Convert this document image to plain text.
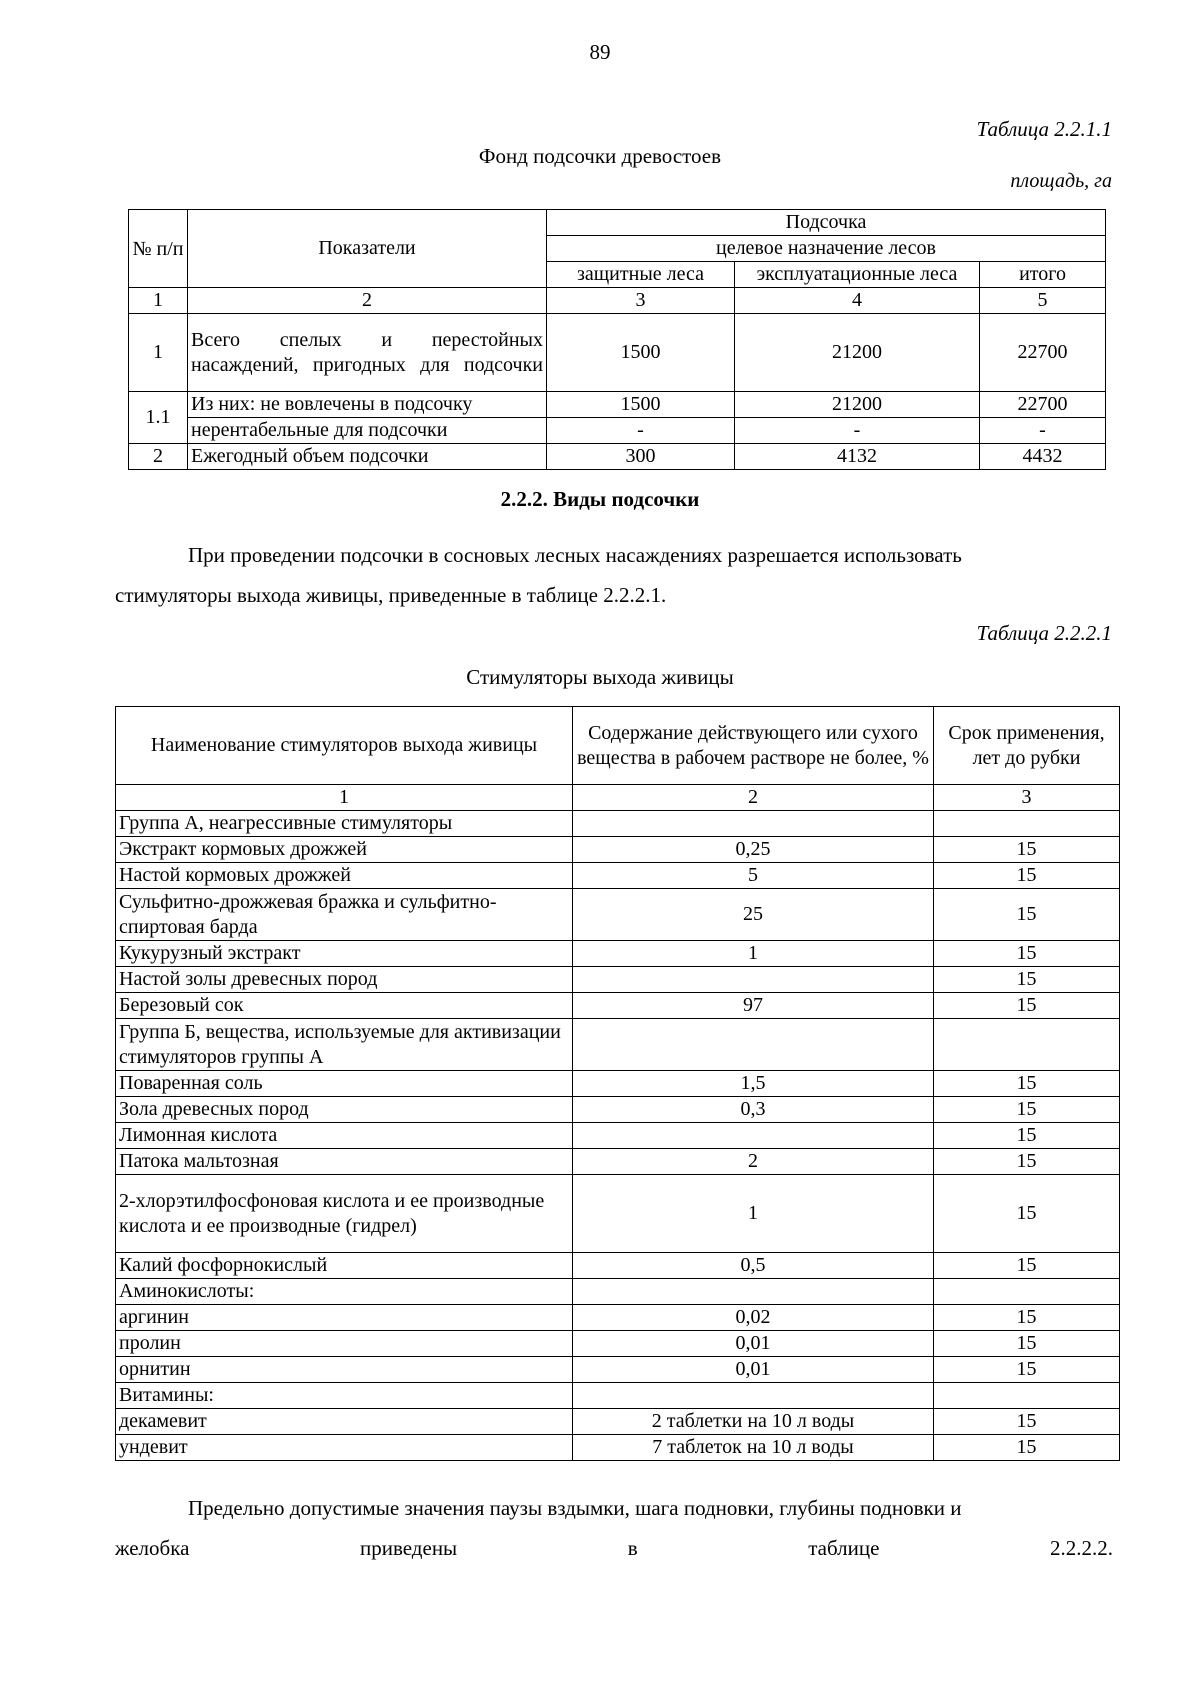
89
Таблица 2.2.1.1
Фонд подсочки древостоев
площадь, га
№ п/п	Показатели	Подсочка		
		целевое назначение лесов		
		защитные леса	эксплуатационные леса	итого
1	2	3	4	5
1	Всего спелых и перестойных насаждений, пригодных для подсочки	1500	21200	22700
1.1	Из них: не вовлечены в подсочку	1500	21200	22700
	нерентабельные для подсочки	-	-	-
2	Ежегодный объем подсочки	300	4132	4432
2.2.2. Виды подсочки
При проведении подсочки в сосновых лесных насаждениях разрешается использовать
стимуляторы выхода живицы, приведенные в таблице 2.2.2.1.
Таблица 2.2.2.1
Стимуляторы выхода живицы
Наименование стимуляторов выхода живицы	Содержание действующего или сухого вещества в рабочем растворе не более, %	Срок применения, лет до рубки
1	2	3
Группа А, неагрессивные стимуляторы		
Экстракт кормовых дрожжей	0,25	15
Настой кормовых дрожжей	5	15
Сульфитно-дрожжевая бражка и сульфитно-спиртовая барда	25	15
Кукурузный экстракт	1	15
Настой золы древесных пород		15
Березовый сок	97	15
Группа Б, вещества, используемые для активизации стимуляторов группы А		
Поваренная соль	1,5	15
Зола древесных пород	0,3	15
Лимонная кислота		15
Патока мальтозная	2	15
2-хлорэтилфосфоновая кислота и ее производные кислота и ее производные (гидрел)	1	15
Калий фосфорнокислый	0,5	15
Аминокислоты:		
аргинин	0,02	15
пролин	0,01	15
орнитин	0,01	15
Витамины:		
декамевит	2 таблетки на 10 л воды	15
ундевит	7 таблеток на 10 л воды	15
Предельно допустимые значения паузы вздымки, шага подновки, глубины подновки и
желобка приведены в таблице 2.2.2.2.
